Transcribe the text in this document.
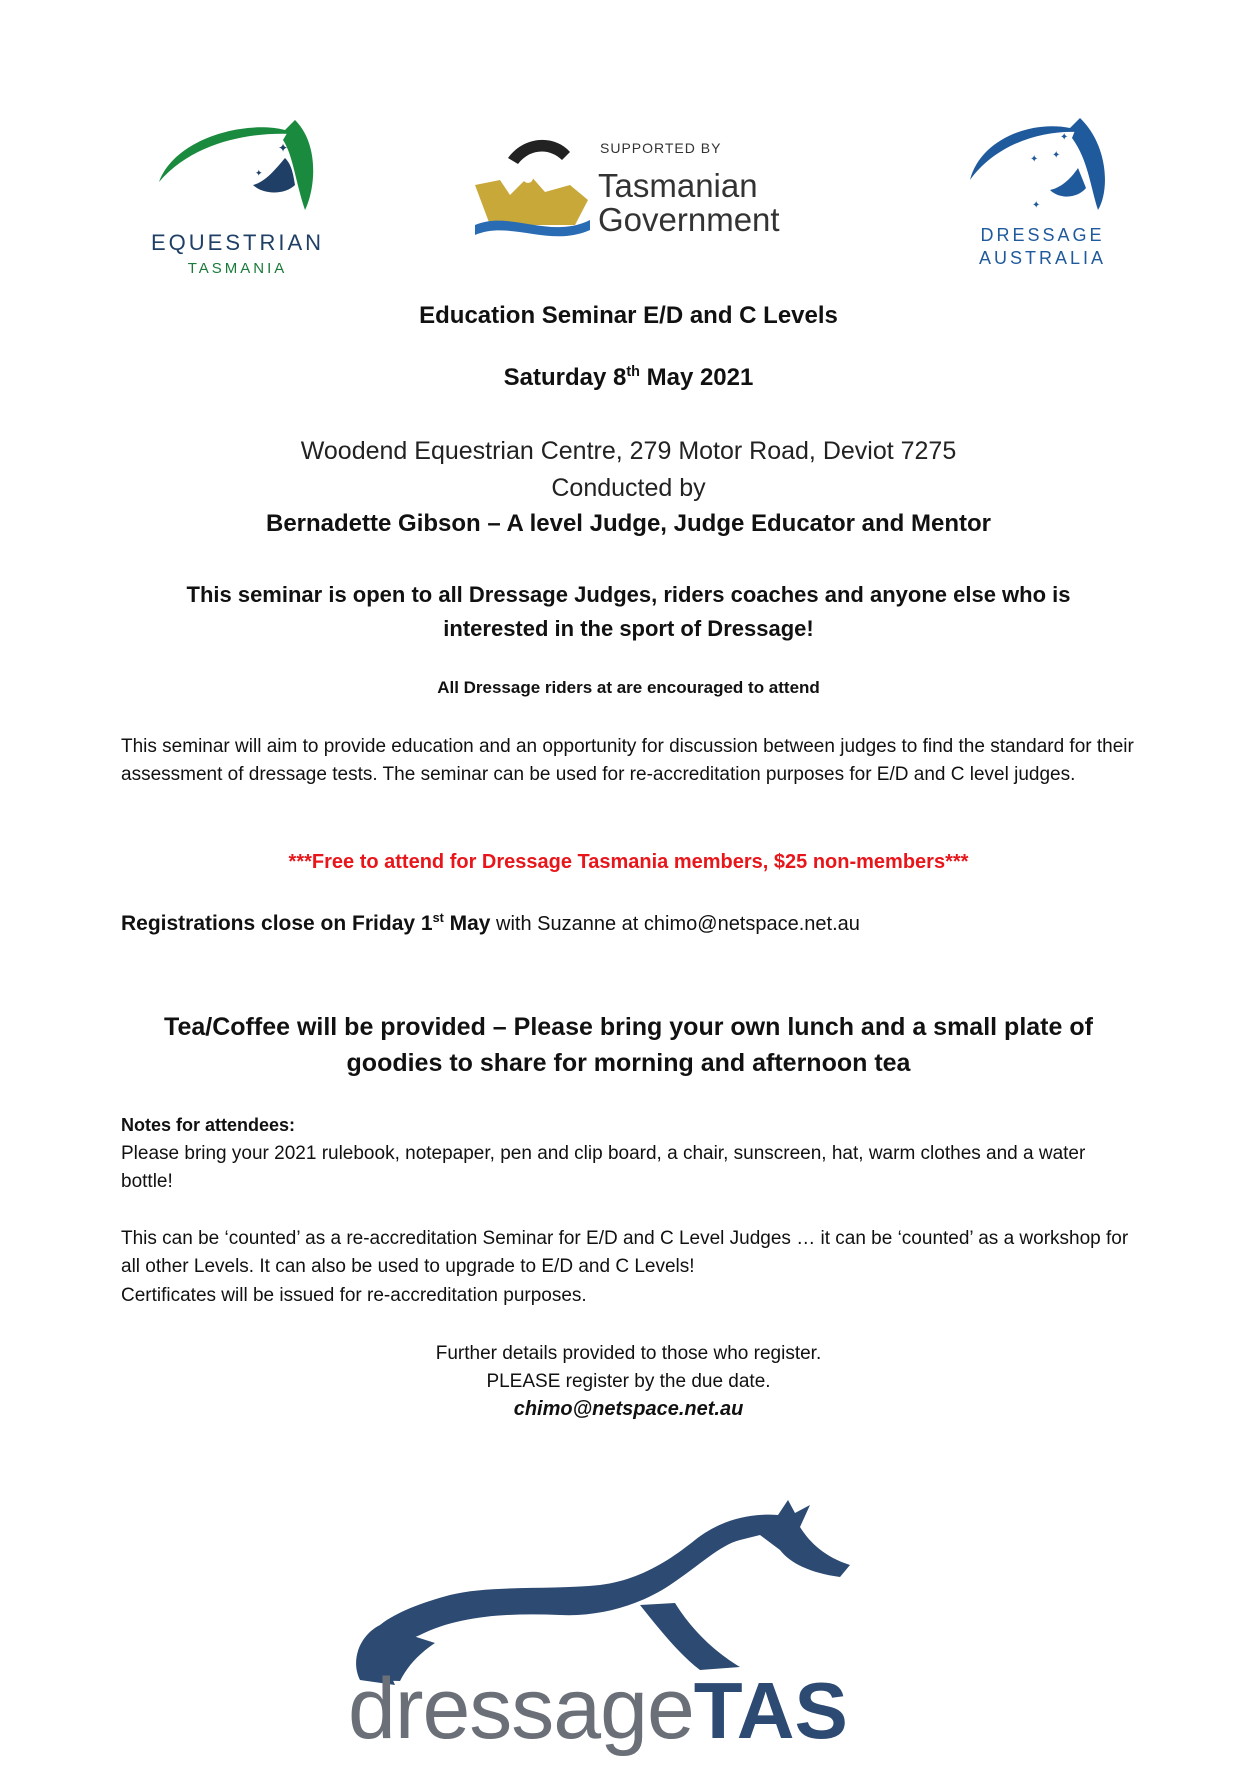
✦
✦
EQUESTRIAN
TASMANIA
SUPPORTED BY
Tasmanian
Government
✦ ✦
✦
✦
DRESSAGE
AUSTRALIA
Education Seminar E/D and C Levels
Saturday 8th May 2021
Woodend Equestrian Centre, 279 Motor Road, Deviot 7275
Conducted by
Bernadette Gibson – A level Judge, Judge Educator and Mentor
This seminar is open to all Dressage Judges, riders coaches and anyone else who is
interested in the sport of Dressage!
All Dressage riders at are encouraged to attend
This seminar will aim to provide education and an opportunity for discussion between judges to find the standard for their assessment of dressage tests. The seminar can be used for re-accreditation purposes for E/D and C level judges.
***Free to attend for Dressage Tasmania members, $25 non-members***
Registrations close on Friday 1st May with Suzanne at chimo@netspace.net.au
Tea/Coffee will be provided – Please bring your own lunch and a small plate of
goodies to share for morning and afternoon tea
Notes for attendees:
Please bring your 2021 rulebook, notepaper, pen and clip board, a chair, sunscreen, hat, warm clothes and a water bottle!
This can be ‘counted’ as a re-accreditation Seminar for E/D and C Level Judges … it can be ‘counted’ as a workshop for all other Levels. It can also be used to upgrade to E/D and C Levels!
Certificates will be issued for re-accreditation purposes.
Further details provided to those who register.
PLEASE register by the due date.
chimo@netspace.net.au
dressageTAS
